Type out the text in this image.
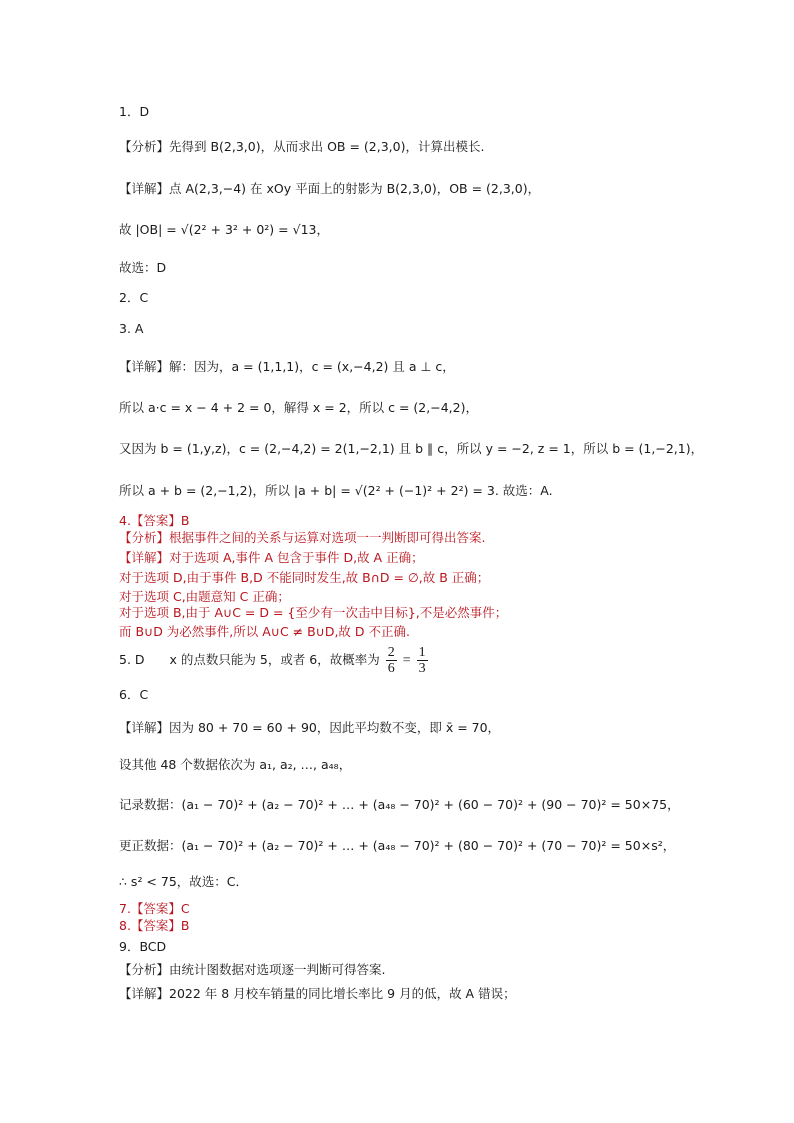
1．D
【分析】先得到 B(2,3,0)，从而求出 OB = (2,3,0)，计算出模长.
【详解】点 A(2,3,−4) 在 xOy 平面上的射影为 B(2,3,0)，OB = (2,3,0)，
故 |OB| = √(2² + 3² + 0²) = √13，
故选：D
2．C
3. A
【详解】解：因为，a = (1,1,1)，c = (x,−4,2) 且 a ⊥ c，
所以 a·c = x − 4 + 2 = 0，解得 x = 2，所以 c = (2,−4,2)，
又因为 b = (1,y,z)，c = (2,−4,2) = 2(1,−2,1) 且 b ∥ c，所以 y = −2, z = 1，所以 b = (1,−2,1)，
所以 a + b = (2,−1,2)，所以 |a + b| = √(2² + (−1)² + 2²) = 3. 故选：A.
4.【答案】B
【分析】根据事件之间的关系与运算对选项一一判断即可得出答案.
【详解】对于选项 A,事件 A 包含于事件 D,故 A 正确；
对于选项 D,由于事件 B,D 不能同时发生,故 B∩D = ∅,故 B 正确；
对于选项 C,由题意知 C 正确；
对于选项 B,由于 A∪C = D = {至少有一次击中目标},不是必然事件；
而 B∪D 为必然事件,所以 A∪C ≠ B∪D,故 D 不正确.
5. D　　x 的点数只能为 5，或者 6，故概率为 $\frac{2}{6} = \frac{1}{3}$
6．C
【详解】因为 80 + 70 = 60 + 90，因此平均数不变，即 x̄ = 70，
设其他 48 个数据依次为 a₁, a₂, …, a₄₈，
记录数据：(a₁ − 70)² + (a₂ − 70)² + … + (a₄₈ − 70)² + (60 − 70)² + (90 − 70)² = 50×75，
更正数据：(a₁ − 70)² + (a₂ − 70)² + … + (a₄₈ − 70)² + (80 − 70)² + (70 − 70)² = 50×s²，
∴ s² < 75，故选：C．
7.【答案】C
8.【答案】B
9．BCD
【分析】由统计图数据对选项逐一判断可得答案.
【详解】2022 年 8 月校车销量的同比增长率比 9 月的低，故 A 错误；
